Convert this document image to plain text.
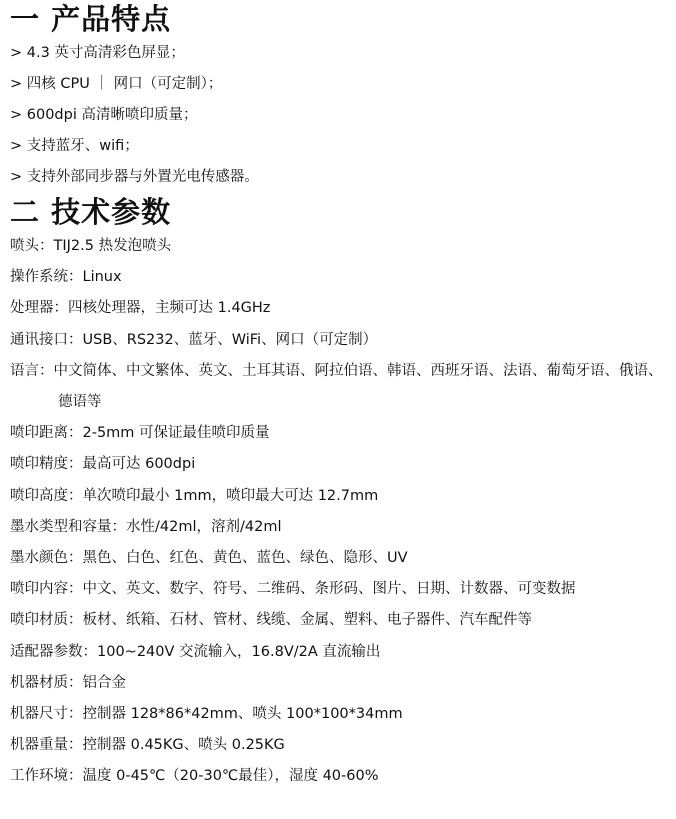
一 产品特点
> 4.3 英寸高清彩色屏显；
> 四核 CPU ｜ 网口（可定制）；
> 600dpi 高清晰喷印质量；
> 支持蓝牙、wifi；
> 支持外部同步器与外置光电传感器。
二 技术参数
喷头：TIJ2.5 热发泡喷头
操作系统：Linux
处理器：四核处理器，主频可达 1.4GHz
通讯接口：USB、RS232、蓝牙、WiFi、网口（可定制）
语言：中文简体、中文繁体、英文、土耳其语、阿拉伯语、韩语、西班牙语、法语、葡萄牙语、俄语、德语等
喷印距离：2-5mm 可保证最佳喷印质量
喷印精度：最高可达 600dpi
喷印高度：单次喷印最小 1mm，喷印最大可达 12.7mm
墨水类型和容量：水性/42ml，溶剂/42ml
墨水颜色：黑色、白色、红色、黄色、蓝色、绿色、隐形、UV
喷印内容：中文、英文、数字、符号、二维码、条形码、图片、日期、计数器、可变数据
喷印材质：板材、纸箱、石材、管材、线缆、金属、塑料、电子器件、汽车配件等
适配器参数：100~240V 交流输入，16.8V/2A 直流输出
机器材质：铝合金
机器尺寸：控制器 128*86*42mm、喷头 100*100*34mm
机器重量：控制器 0.45KG、喷头 0.25KG
工作环境：温度 0-45℃（20-30℃最佳），湿度 40-60%
